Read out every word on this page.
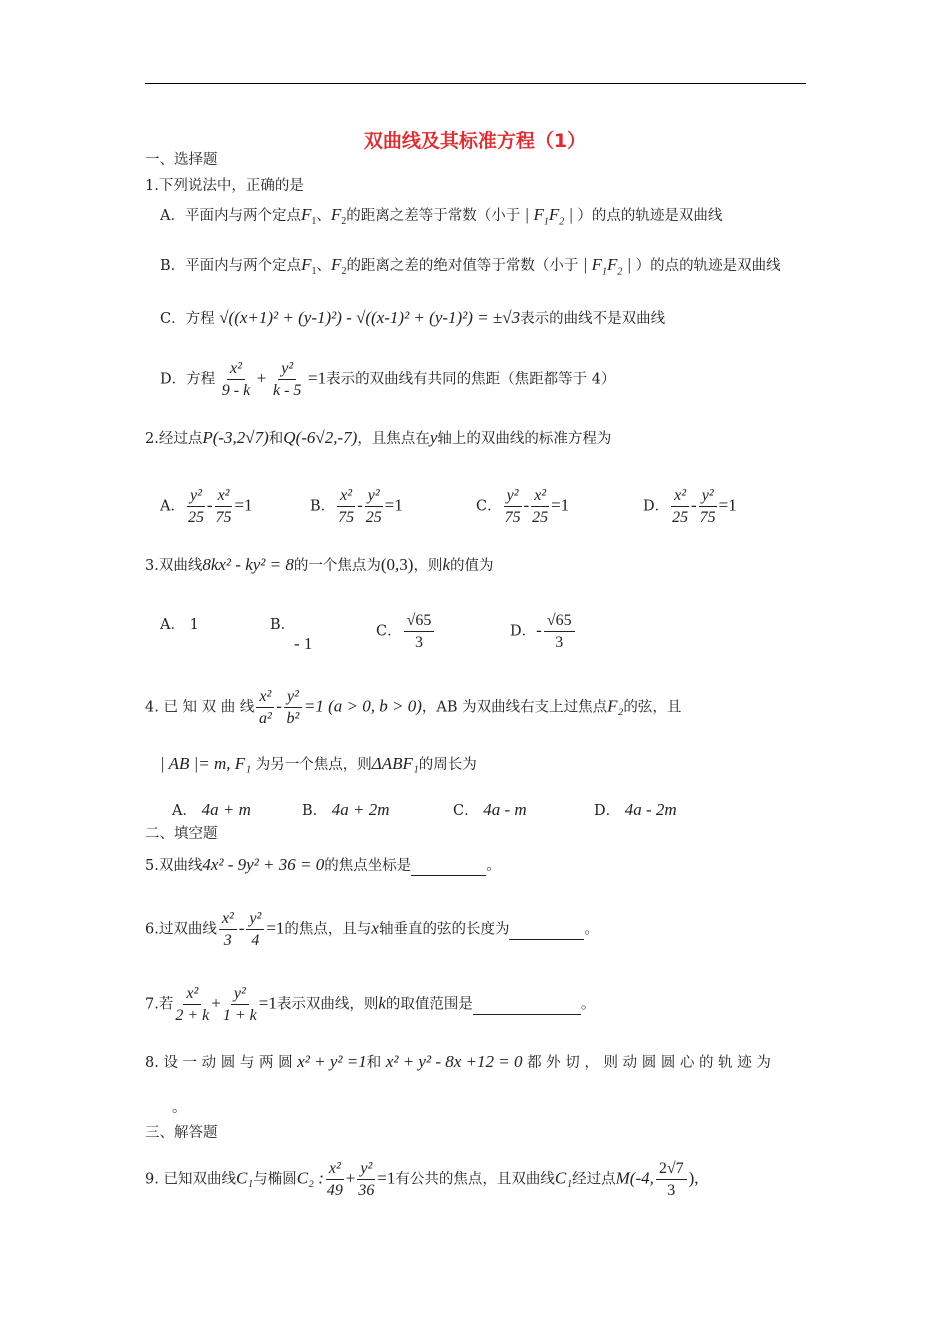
双曲线及其标准方程（1）
一、选择题
1.下列说法中，正确的是
A．平面内与两个定点$F_1$、$F_2$的距离之差等于常数（小于 | $F_1F_2$ | ）的点的轨迹是双曲线
B．平面内与两个定点$F_1$、$F_2$的距离之差的绝对值等于常数（小于 | $F_1F_2$ | ）的点的轨迹是双曲线
C．方程 √((x+1)² + (y-1)²) - √((x-1)² + (y-1)²) = ±√3表示的曲线不是双曲线
D．方程 $\frac{\text{x²}}{9 - k} + \frac{\text{y²}}{k - 5} =1$表示的双曲线有共同的焦距（焦距都等于 4）
2.经过点P(-3,2√7)和Q(-6√2,-7)，且焦点在y轴上的双曲线的标准方程为
A． $\frac{\text{y²}}{25} - \frac{\text{x²}}{75} =1$	B． $\frac{\text{x²}}{75} - \frac{\text{y²}}{25} =1$	C． $\frac{\text{y²}}{75} - \frac{\text{x²}}{25} =1$	D． $\frac{\text{x²}}{25} - \frac{\text{y²}}{75} =1$
3.双曲线8kx² - ky² = 8的一个焦点为(0,3)，则k的值为
A． 1	B．
- 1
C． $\frac{√65}{3}$	D．- $\frac{√65}{3}$
4. 已 知 双 曲 线 $\frac{\text{x²}}{\text{a²}} - \frac{\text{y²}}{\text{b²}} =1$ (a > 0, b > 0)，AB 为双曲线右支上过焦点F₂的弦，且
| AB |= m, F₁ 为另一个焦点，则ΔABF₁的周长为
A． 4a + m	B． 4a + 2m	C． 4a - m	D． 4a - 2m
二、填空题
5.双曲线4x² - 9y² + 36 = 0的焦点坐标是	。
6.过双曲线 $\frac{\text{x²}}{3} - \frac{\text{y²}}{4} =1$的焦点，且与x轴垂直的弦的长度为	。
7.若 $\frac{\text{x²}}{2 + k} + \frac{\text{y²}}{1 + k} =1$表示双曲线，则k的取值范围是	。
8. 设 一 动 圆 与 两 圆 x² + y² =1和 x² + y² - 8x +12 = 0 都 外 切 ， 则 动 圆 圆 心 的 轨 迹 为
。
三、解答题
9. 已知双曲线C₁与椭圆C₂ : $\frac{\text{x²}}{49} + \frac{\text{y²}}{36} =1$有公共的焦点，且双曲线C₁经过点M(-4, $\frac{2√7}{3}$ ),
